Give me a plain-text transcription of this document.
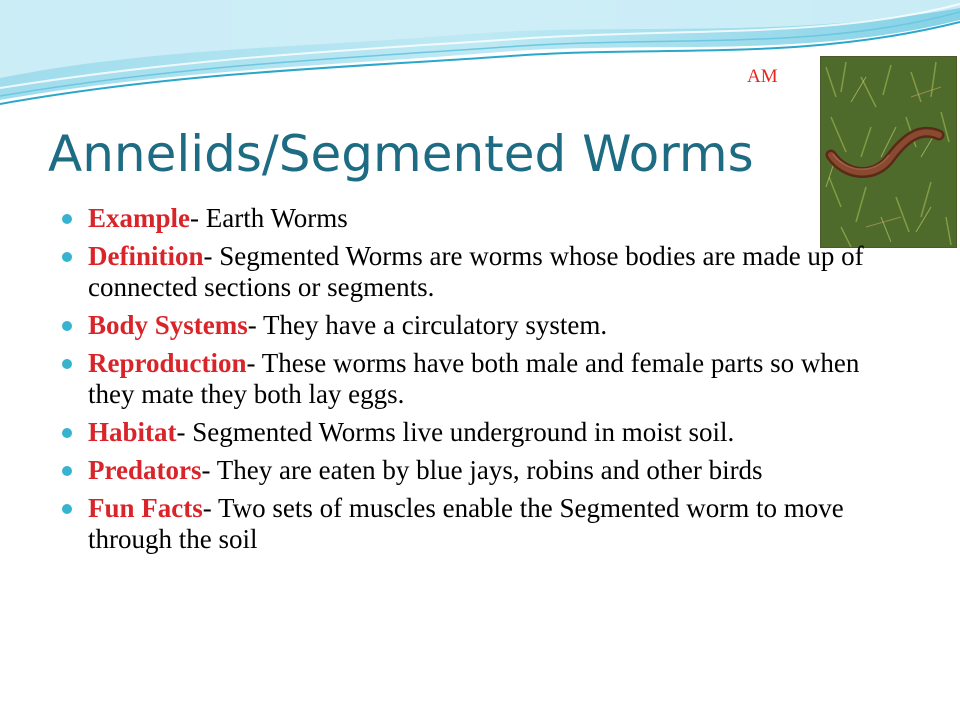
AM
Annelids/Segmented Worms
Example- Earth Worms
Definition- Segmented Worms are worms whose bodies are made up of connected sections or segments.
Body Systems- They have a circulatory system.
Reproduction- These worms have both male and female parts so when they mate they both lay eggs.
Habitat- Segmented Worms live underground in moist soil.
Predators- They are eaten by blue jays, robins and other birds
Fun Facts- Two sets of muscles enable the Segmented worm to move through the soil
